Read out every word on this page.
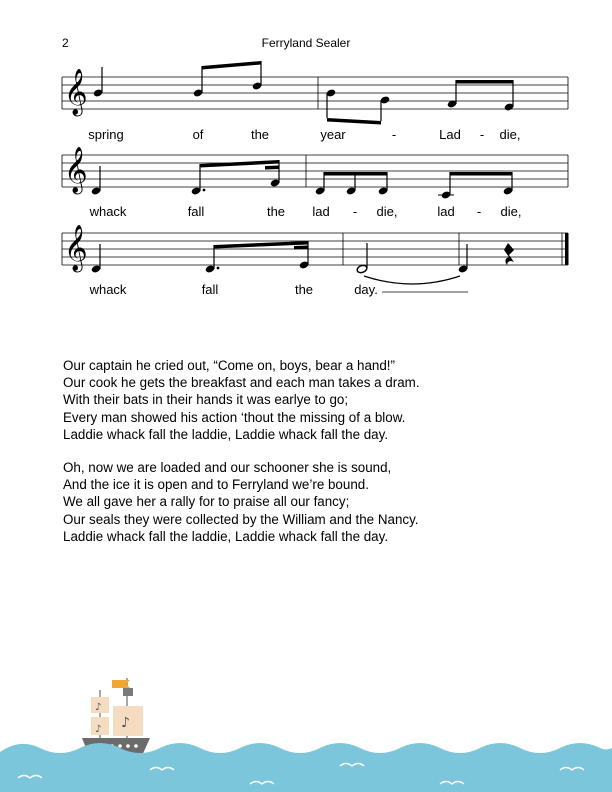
2	Ferryland Sealer
𝄞
𝄞
𝄞
spring	of	the	year	-	Lad - die,
whack	fall	the lad - die,	lad - die,
whack	fall	the	day.
Our captain he cried out, “Come on, boys, bear a hand!”
Our cook he gets the breakfast and each man takes a dram.
With their bats in their hands it was earlye to go;
Every man showed his action ‘thout the missing of a blow.
Laddie whack fall the laddie, Laddie whack fall the day.
Oh, now we are loaded and our schooner she is sound,
And the ice it is open and to Ferryland we’re bound.
We all gave her a rally for to praise all our fancy;
Our seals they were collected by the William and the Nancy.
Laddie whack fall the laddie, Laddie whack fall the day.
♪
♪ ♪
